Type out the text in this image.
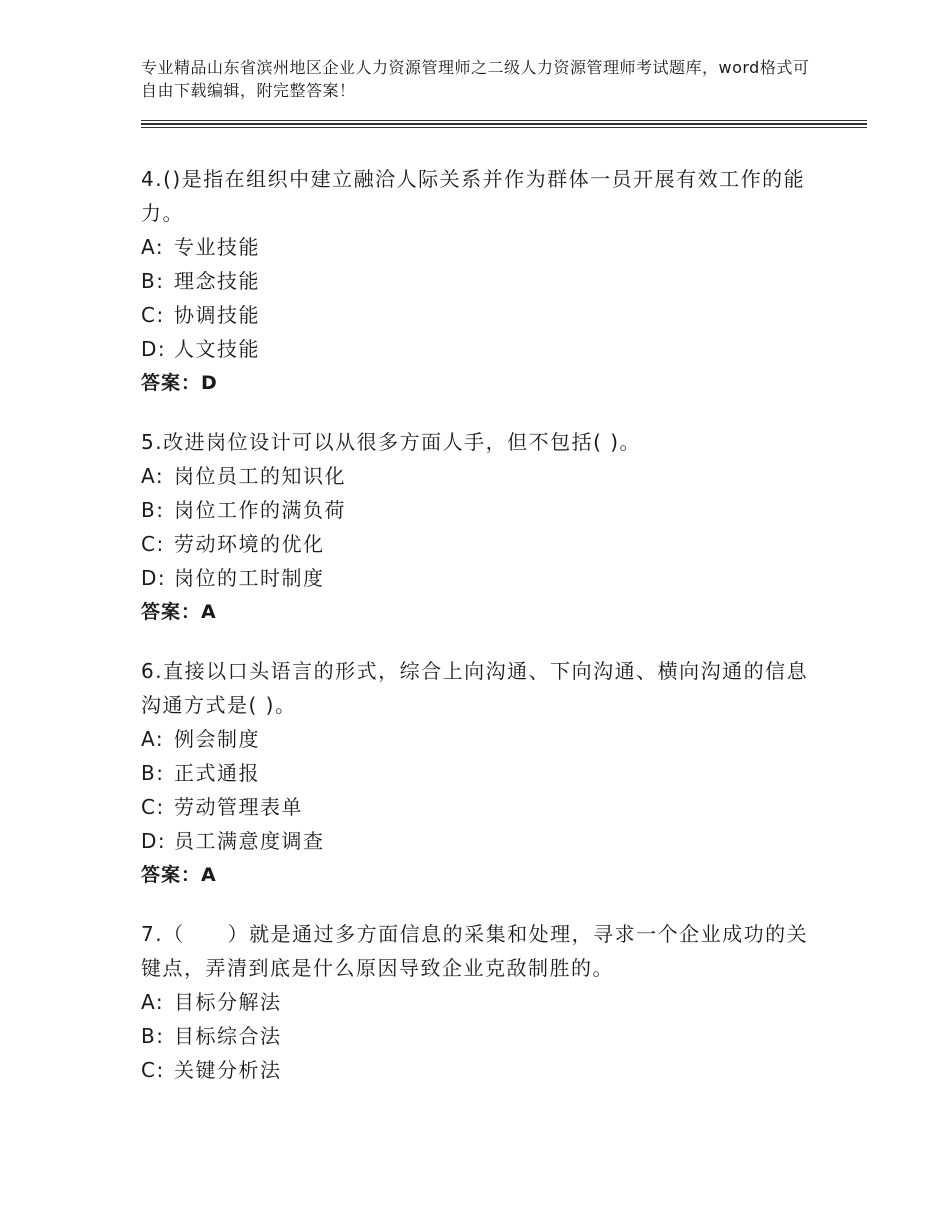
专业精品山东省滨州地区企业人力资源管理师之二级人力资源管理师考试题库，word格式可自由下载编辑，附完整答案！
4.()是指在组织中建立融洽人际关系并作为群体一员开展有效工作的能力。
A: 专业技能
B: 理念技能
C: 协调技能
D: 人文技能
答案：D
5.改进岗位设计可以从很多方面人手，但不包括( )。
A: 岗位员工的知识化
B: 岗位工作的满负荷
C: 劳动环境的优化
D: 岗位的工时制度
答案：A
6.直接以口头语言的形式，综合上向沟通、下向沟通、横向沟通的信息沟通方式是( )。
A: 例会制度
B: 正式通报
C: 劳动管理表单
D: 员工满意度调查
答案：A
7.（　　）就是通过多方面信息的采集和处理，寻求一个企业成功的关键点，弄清到底是什么原因导致企业克敌制胜的。
A: 目标分解法
B: 目标综合法
C: 关键分析法
